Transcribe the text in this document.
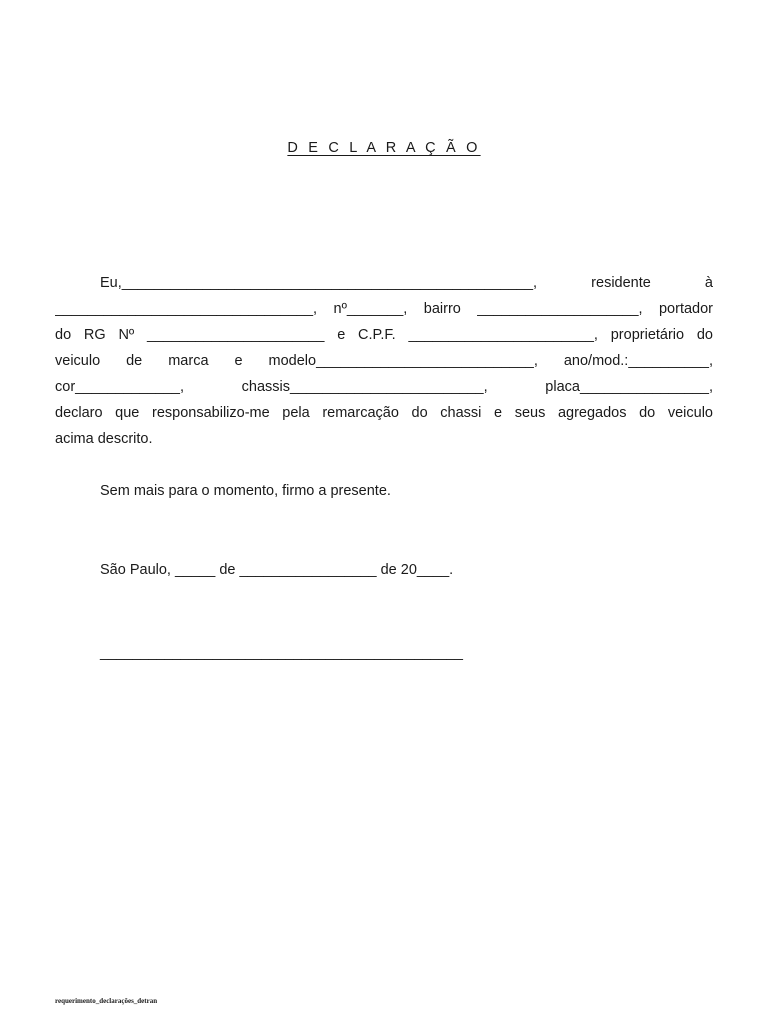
D E C L A R A Ç Ã O
Eu,___________________________________________________, residente à
________________________________, nº_______, bairro ____________________, portador
do RG Nº ______________________ e C.P.F. _______________________, proprietário do
veiculo de marca e modelo___________________________, ano/mod.:__________,
cor_____________, chassis________________________, placa________________,
declaro que responsabilizo-me pela remarcação do chassi e seus agregados do veiculo
acima descrito.
Sem mais para o momento, firmo a presente.
São Paulo, _____ de _________________ de 20____.
_____________________________________________
requerimento_declarações_detran
